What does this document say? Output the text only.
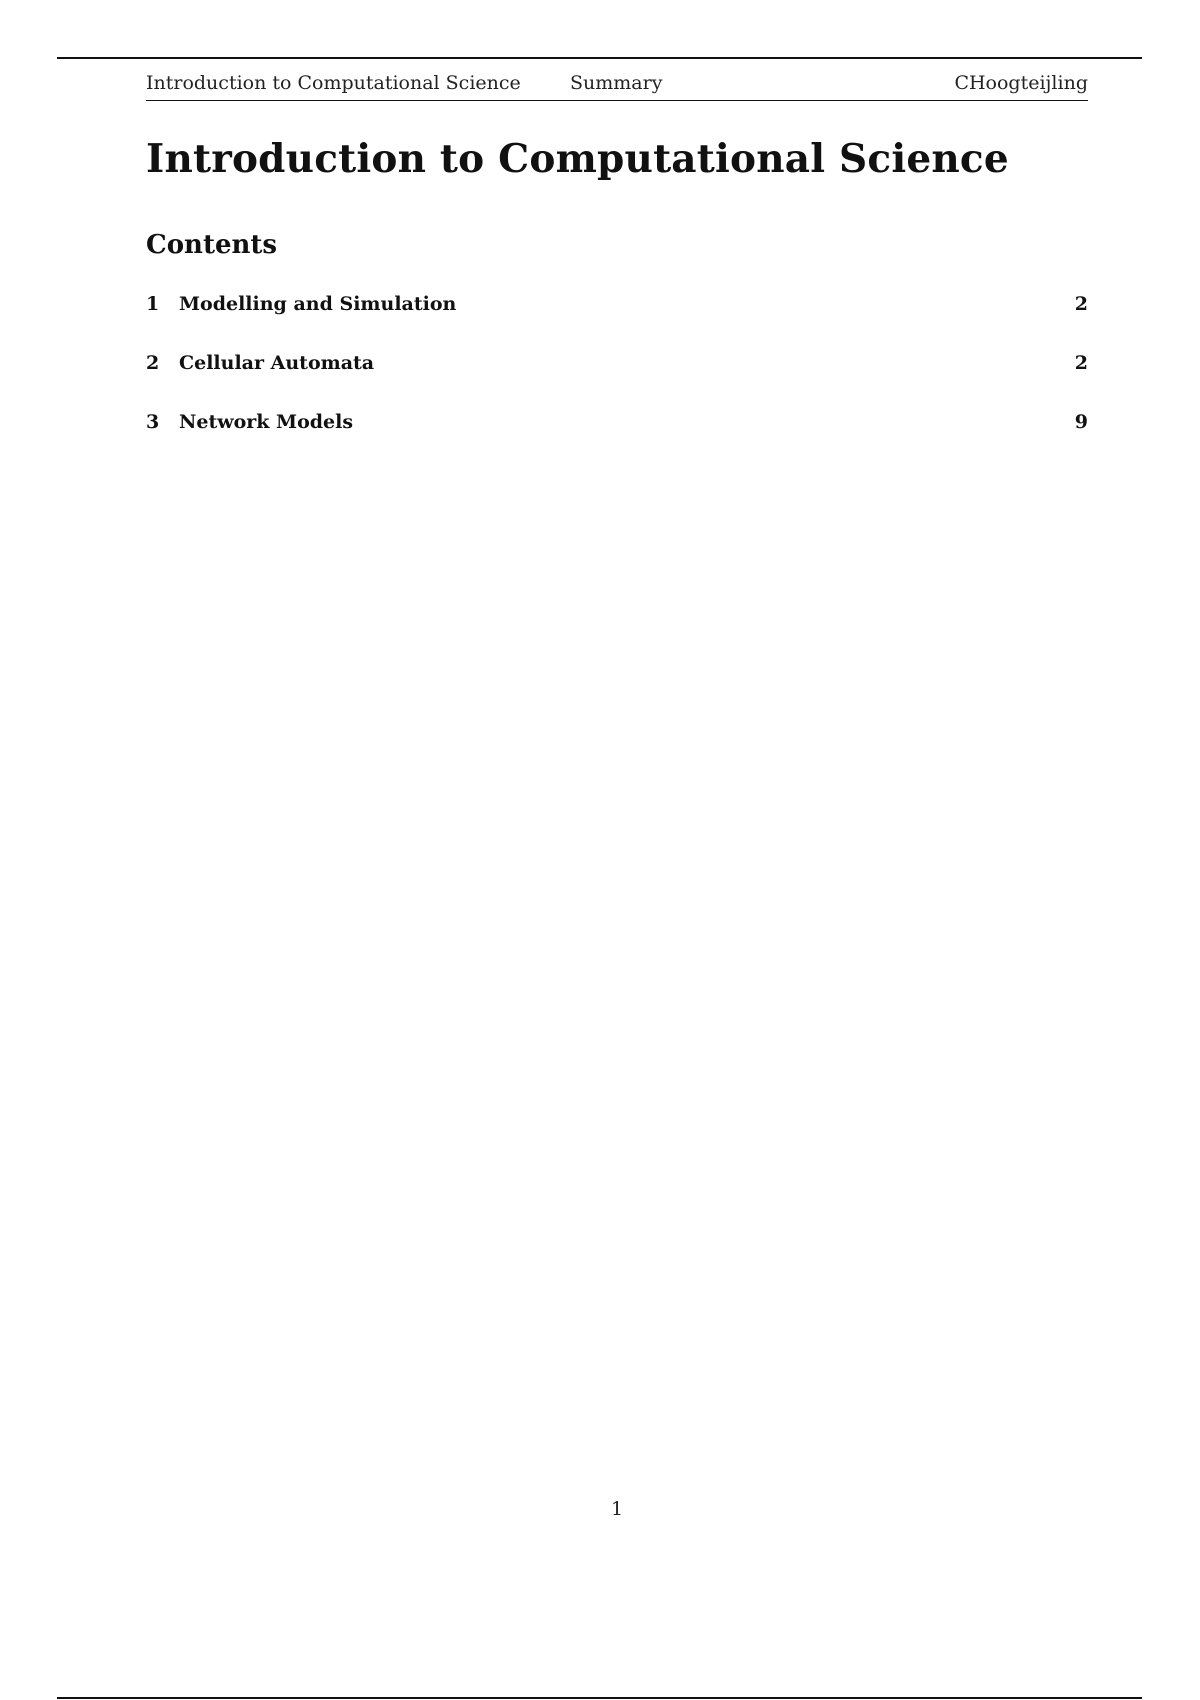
Introduction to Computational Science	Summary	CHoogteijling
Introduction to Computational Science
Contents
1 Modelling and Simulation	2
2 Cellular Automata	2
3 Network Models	9
1
